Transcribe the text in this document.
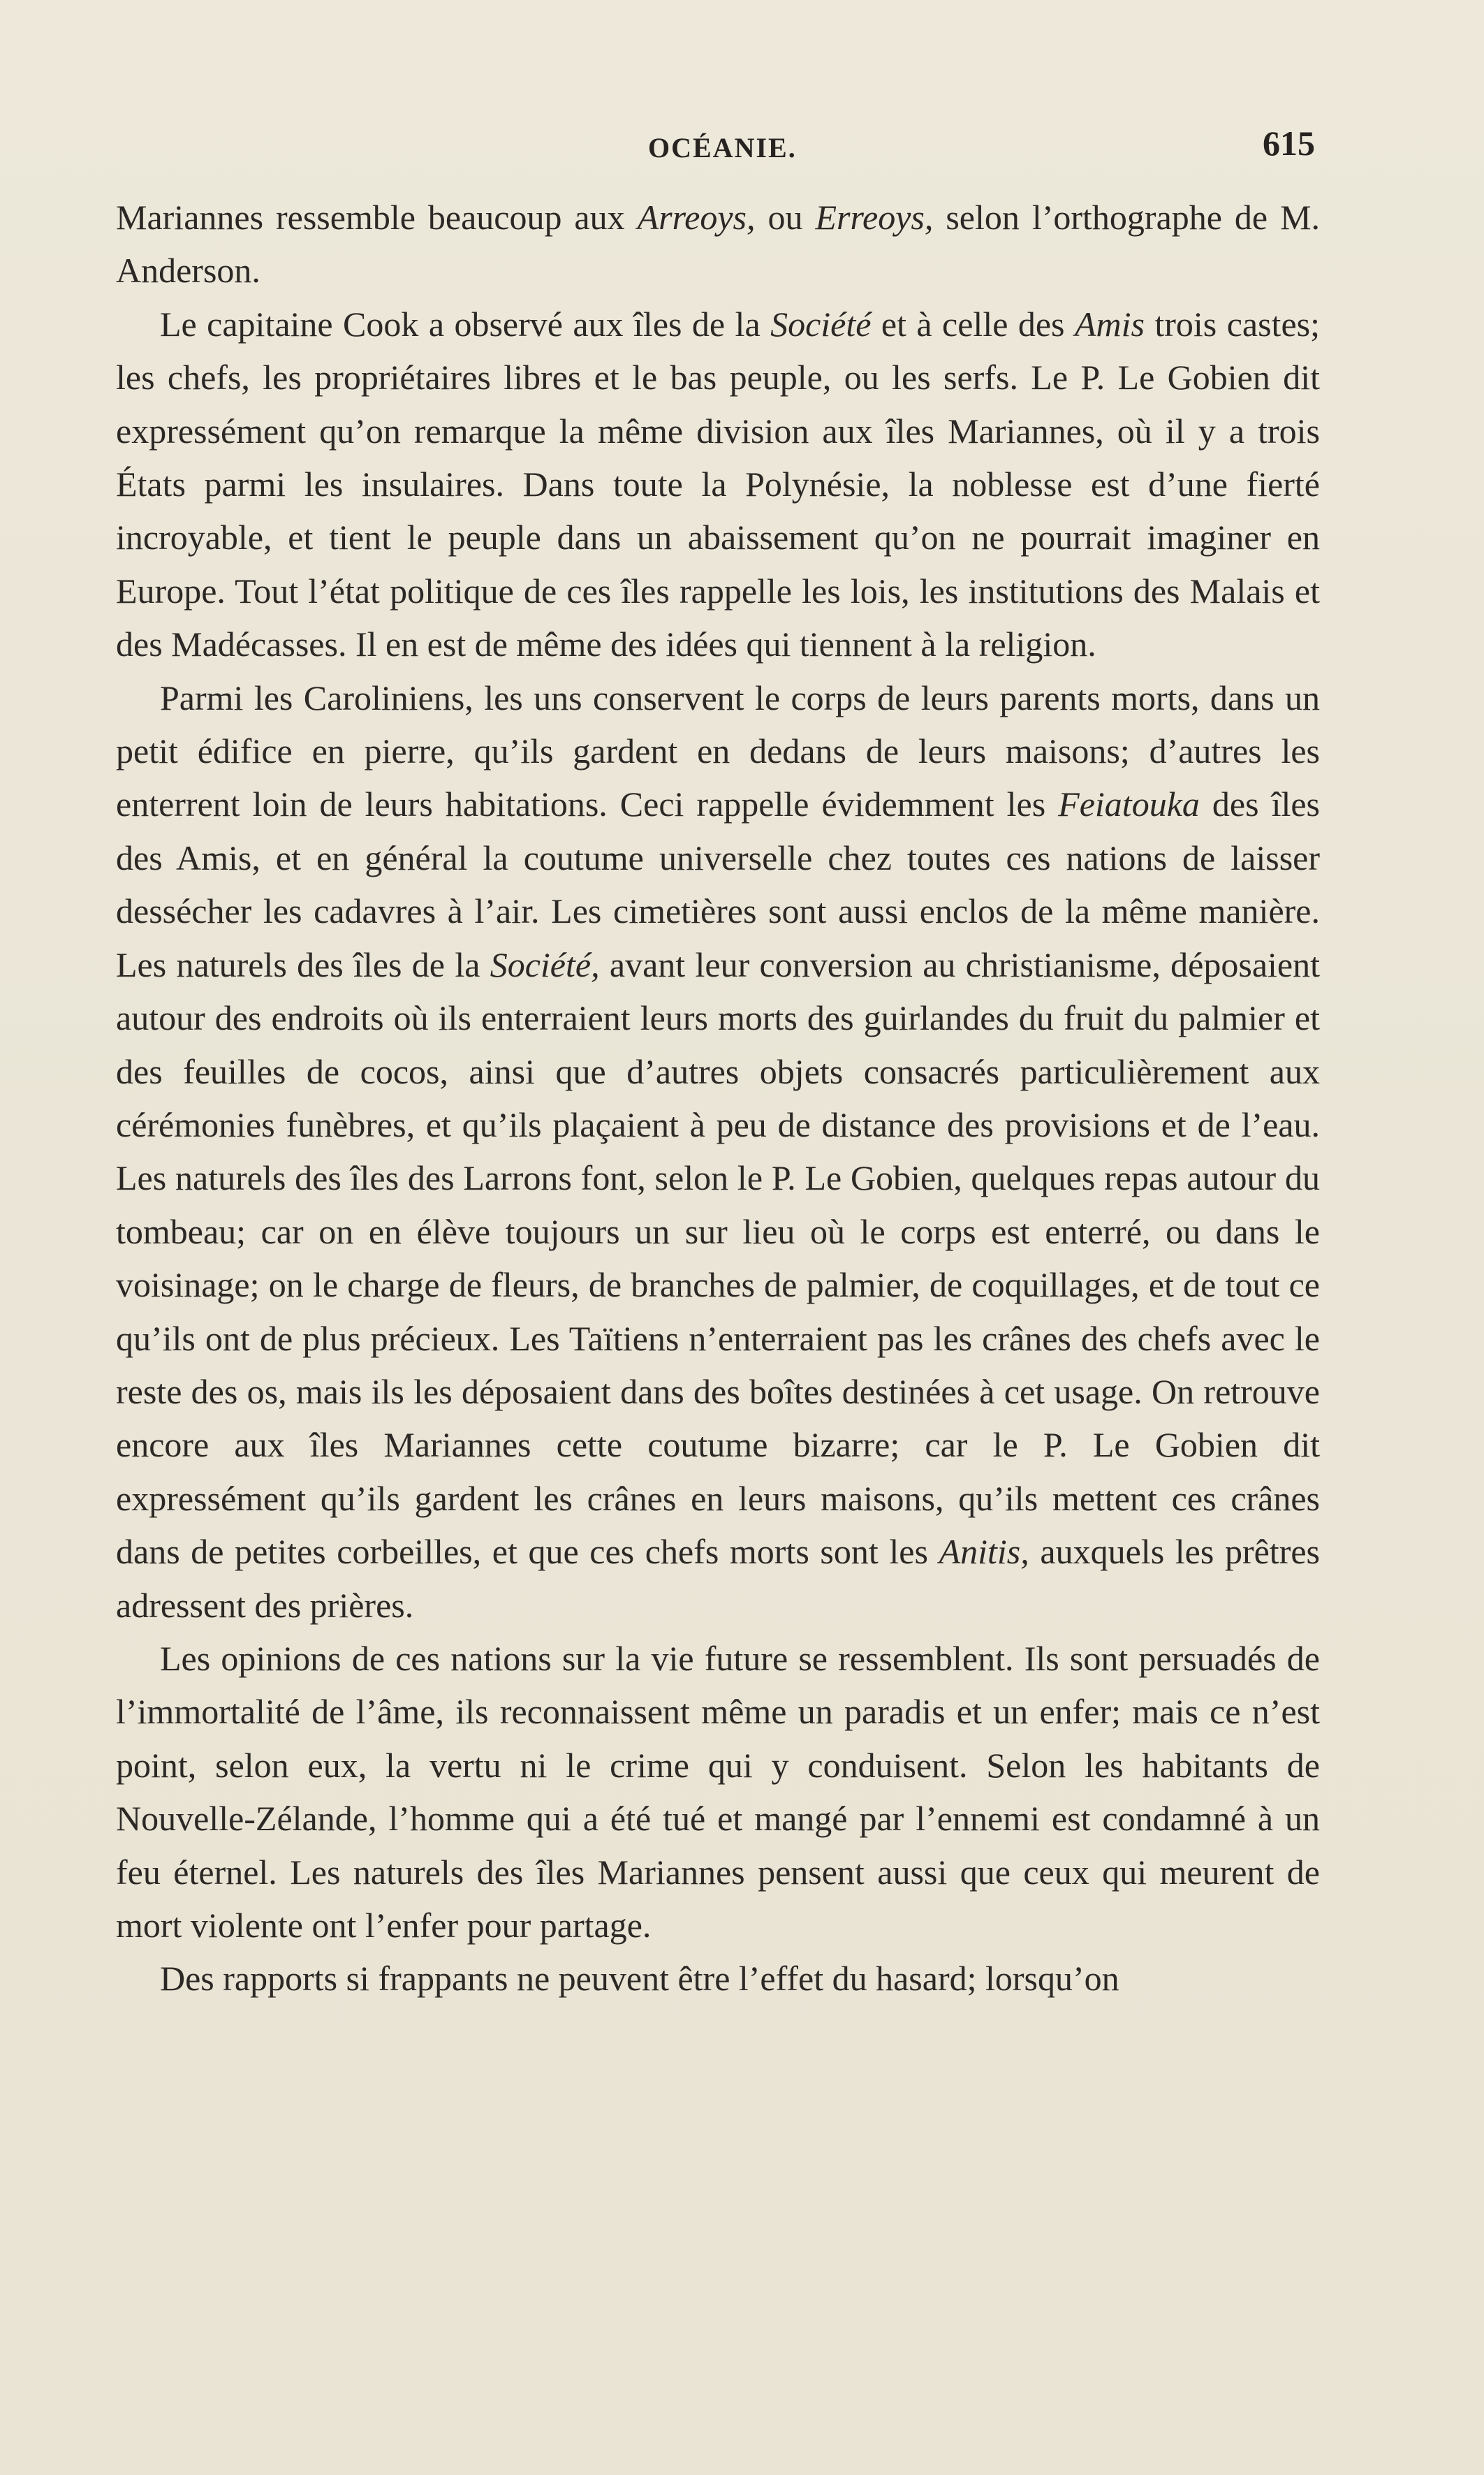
OCÉANIE.	615

Mariannes ressemble beaucoup aux Arreoys, ou Erreoys, selon l’orthographe de M. Anderson.

Le capitaine Cook a observé aux îles de la Société et à celle des Amis trois castes; les chefs, les propriétaires libres et le bas peuple, ou les serfs. Le P. Le Gobien dit expressément qu’on remarque la même division aux îles Mariannes, où il y a trois États parmi les insulaires. Dans toute la Polynésie, la noblesse est d’une fierté incroyable, et tient le peuple dans un abaissement qu’on ne pourrait imaginer en Europe. Tout l’état politique de ces îles rappelle les lois, les institutions des Malais et des Madécasses. Il en est de même des idées qui tiennent à la religion.

Parmi les Caroliniens, les uns conservent le corps de leurs parents morts, dans un petit édifice en pierre, qu’ils gardent en dedans de leurs maisons; d’autres les enterrent loin de leurs habitations. Ceci rappelle évidemment les Feiatouka des îles des Amis, et en général la coutume universelle chez toutes ces nations de laisser dessécher les cadavres à l’air. Les cimetières sont aussi enclos de la même manière. Les naturels des îles de la Société, avant leur conversion au christianisme, déposaient autour des endroits où ils enterraient leurs morts des guirlandes du fruit du palmier et des feuilles de cocos, ainsi que d’autres objets consacrés particulièrement aux cérémonies funèbres, et qu’ils plaçaient à peu de distance des provisions et de l’eau. Les naturels des îles des Larrons font, selon le P. Le Gobien, quelques repas autour du tombeau; car on en élève toujours un sur lieu où le corps est enterré, ou dans le voisinage; on le charge de fleurs, de branches de palmier, de coquillages, et de tout ce qu’ils ont de plus précieux. Les Taïtiens n’enterraient pas les crânes des chefs avec le reste des os, mais ils les déposaient dans des boîtes destinées à cet usage. On retrouve encore aux îles Mariannes cette coutume bizarre; car le P. Le Gobien dit expressément qu’ils gardent les crânes en leurs maisons, qu’ils mettent ces crânes dans de petites corbeilles, et que ces chefs morts sont les Anitis, auxquels les prêtres adressent des prières.

Les opinions de ces nations sur la vie future se ressemblent. Ils sont persuadés de l’immortalité de l’âme, ils reconnaissent même un paradis et un enfer; mais ce n’est point, selon eux, la vertu ni le crime qui y conduisent. Selon les habitants de Nouvelle-Zélande, l’homme qui a été tué et mangé par l’ennemi est condamné à un feu éternel. Les naturels des îles Mariannes pensent aussi que ceux qui meurent de mort violente ont l’enfer pour partage.

Des rapports si frappants ne peuvent être l’effet du hasard; lorsqu’on
